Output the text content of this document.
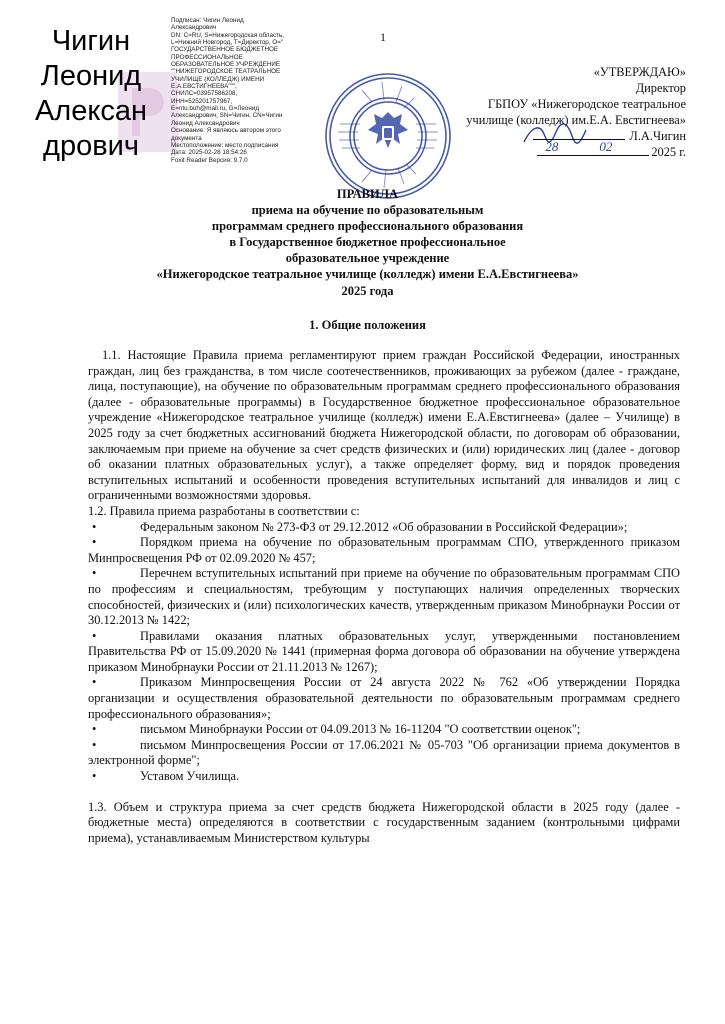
Чигин
Леонид
Алексан
дрович
Подписан: Чигин Леонид
Александрович
DN: C=RU, S=Нижегородская область,
L=Нижний Новгород, T=Директор, O="
ГОСУДАРСТВЕННОЕ БЮДЖЕТНОЕ
ПРОФЕССИОНАЛЬНОЕ
ОБРАЗОВАТЕЛЬНОЕ УЧРЕЖДЕНИЕ
""НИЖЕГОРОДСКОЕ ТЕАТРАЛЬНОЕ
УЧИЛИЩЕ (КОЛЛЕДЖ) ИМЕНИ
Е.А.ЕВСТИГНЕЕВА""",
СНИЛС=03957586208,
ИНН=525201757967,
E=ntu.buh@mail.ru, G=Леонид
Александрович, SN=Чигин, CN=Чигин
Леонид Александрович
Основание: Я являюсь автором этого
документа
Местоположение: место подписания
Дата: 2025-02-28 18:54:26
Foxit Reader Версия: 9.7.0
1
«УТВЕРЖДАЮ»
Директор
ГБПОУ «Нижегородское театральное
училище (колледж) им.Е.А. Евстигнеева»
Л.А.Чигин
28	02	2025 г.
ПРАВИЛА
приема на обучение по образовательным
программам среднего профессионального образования
в Государственное бюджетное профессиональное
образовательное учреждение
«Нижегородское театральное училище (колледж) имени Е.А.Евстигнеева»
2025 года
1. Общие положения

1.1. Настоящие Правила приема регламентируют прием граждан Российской Федерации, иностранных граждан, лиц без гражданства, в том числе соотечественников, проживающих за рубежом (далее - граждане, лица, поступающие), на обучение по образовательным программам среднего профессионального образования (далее - образовательные программы) в Государственное бюджетное профессиональное образовательное учреждение «Нижегородское театральное училище (колледж) имени Е.А.Евстигнеева» (далее – Училище) в 2025 году за счет бюджетных ассигнований бюджета Нижегородской области, по договорам об образовании, заключаемым при приеме на обучение за счет средств физических и (или) юридических лиц (далее - договор об оказании платных образовательных услуг), а также определяет форму, вид и порядок проведения вступительных испытаний и особенности проведения вступительных испытаний для инвалидов и лиц с ограниченными возможностями здоровья.

1.2. Правила приема разработаны в соответствии с:

•	Федеральным законом № 273-ФЗ от 29.12.2012 «Об образовании в Российской Федерации»;
•	Порядком приема на обучение по образовательным программам СПО, утвержденного приказом Минпросвещения РФ от 02.09.2020 № 457;
•	Перечнем вступительных испытаний при приеме на обучение по образовательным программам СПО по профессиям и специальностям, требующим у поступающих наличия определенных творческих способностей, физических и (или) психологических качеств, утвержденным приказом Минобрнауки России от 30.12.2013 № 1422;
•	Правилами оказания платных образовательных услуг, утвержденными постановлением Правительства РФ от 15.09.2020 № 1441 (примерная форма договора об образовании на обучение утверждена приказом Минобрнауки России от 21.11.2013 № 1267);
•	Приказом Минпросвещения России от 24 августа 2022 № 762 «Об утверждении Порядка организации и осуществления образовательной деятельности по образовательным программам среднего профессионального образования»;
•	письмом Минобрнауки России от 04.09.2013 № 16-11204 "О соответствии оценок";
•	письмом Минпросвещения России от 17.06.2021 № 05-703 "Об организации приема документов в электронной форме";
•	Уставом Училища.

1.3. Объем и структура приема за счет средств бюджета Нижегородской области в 2025 году (далее - бюджетные места) определяются в соответствии с государственным заданием (контрольными цифрами приема), устанавливаемым Министерством культуры
